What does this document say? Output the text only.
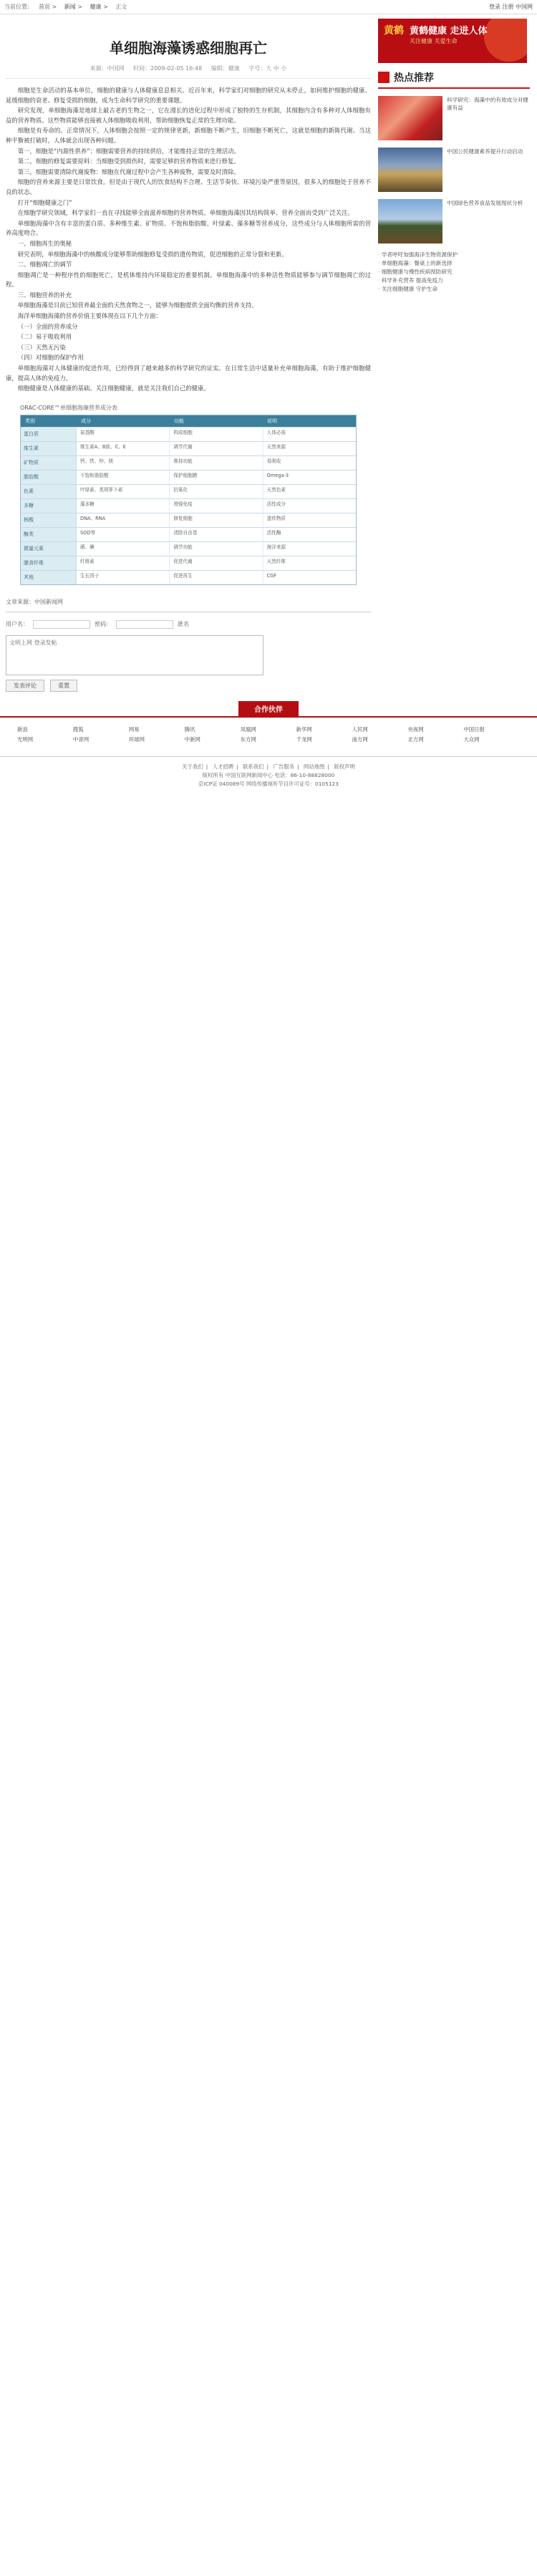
当前位置： 首页 > 新闻 > 健康 > 正文	登录 注册 中国网
单细胞海藻诱惑细胞再亡
来源：中国网 时间：2009-02-05 16:48 编辑：健康 字号：大 中 小

细胞是生命活动的基本单位，细胞的健康与人体健康息息相关。近百年来，科学家们对细胞的研究从未停止，如何维护细胞的健康、延缓细胞的衰老、修复受损的细胞，成为生命科学研究的重要课题。

研究发现，单细胞海藻是地球上最古老的生物之一，它在漫长的进化过程中形成了独特的生存机制，其细胞内含有多种对人体细胞有益的营养物质。这些物质能够直接被人体细胞吸收利用，帮助细胞恢复正常的生理功能。

细胞是有寿命的。正常情况下，人体细胞会按照一定的规律更新，新细胞不断产生，旧细胞不断死亡，这就是细胞的新陈代谢。当这种平衡被打破时，人体就会出现各种问题。

第一，细胞是“内源性供养”：细胞需要营养的持续供给，才能维持正常的生理活动。

第二，细胞的修复需要原料：当细胞受到损伤时，需要足够的营养物质来进行修复。

第三，细胞需要清除代谢废物：细胞在代谢过程中会产生各种废物，需要及时清除。

细胞的营养来源主要是日常饮食。但是由于现代人的饮食结构不合理、生活节奏快、环境污染严重等原因，很多人的细胞处于营养不良的状态。

打开“细胞健康之门”

在细胞学研究领域，科学家们一直在寻找能够全面滋养细胞的营养物质。单细胞海藻因其结构简单、营养全面而受到广泛关注。

单细胞海藻中含有丰富的蛋白质、多种维生素、矿物质、不饱和脂肪酸、叶绿素、藻多糖等营养成分，这些成分与人体细胞所需的营养高度吻合。

一、细胞再生的奥秘

研究表明，单细胞海藻中的核酸成分能够帮助细胞修复受损的遗传物质，促进细胞的正常分裂和更新。

二、细胞凋亡的调节

细胞凋亡是一种程序性的细胞死亡，是机体维持内环境稳定的重要机制。单细胞海藻中的多种活性物质能够参与调节细胞凋亡的过程。

三、细胞营养的补充

单细胞海藻是目前已知营养最全面的天然食物之一，能够为细胞提供全面均衡的营养支持。

海洋单细胞海藻的营养价值主要体现在以下几个方面：

（一）全面的营养成分

（二）易于吸收利用

（三）天然无污染

（四）对细胞的保护作用

单细胞海藻对人体健康的促进作用，已经得到了越来越多的科学研究的证实。在日常生活中适量补充单细胞海藻，有助于维护细胞健康，提高人体的免疫力。

细胞健康是人体健康的基础。关注细胞健康，就是关注我们自己的健康。

ORAC-CORE™单细胞海藻营养成分表
类别	成分	功能	说明
蛋白质	氨基酸	构成细胞	人体必需
维生素	维生素A、B族、C、E	调节代谢	天然来源
矿物质	钙、铁、锌、镁	维持功能	易吸收
脂肪酸	不饱和脂肪酸	保护细胞膜	Omega-3
色素	叶绿素、类胡萝卜素	抗氧化	天然色素
多糖	藻多糖	增强免疫	活性成分
核酸	DNA、RNA	修复细胞	遗传物质
酶类	SOD等	清除自由基	活性酶
微量元素	硒、碘	调节功能	海洋来源
膳食纤维	纤维素	促进代谢	天然纤维
其他	生长因子	促进再生	CGF
文章来源：中国新闻网
用户名：	密码：	匿名
文明上网 登录发帖
发表评论	重置
黄鹤 黄鹤健康 走进人体
关注健康 关爱生命
热点推荐
科学研究：海藻中的有效成分对健康有益
中国公民健康素养提升行动启动
中国绿色营养食品发展现状分析
· 学者呼吁加强海洋生物资源保护
· 单细胞海藻：餐桌上的新选择
· 细胞健康与慢性疾病预防研究
· 科学补充营养 提高免疫力
· 关注细胞健康 守护生命
合作伙伴
新浪	搜狐	网易	腾讯	凤凰网	新华网	人民网	央视网	中国日报
光明网	中青网	环球网	中新网	东方网	千龙网	南方网	北方网	大众网
关于我们 | 人才招聘 | 联系我们 | 广告服务 | 网站地图 | 版权声明
版权所有 中国互联网新闻中心 电话：86-10-88828000
京ICP证 040089号 网络传播视听节目许可证号：0105123
